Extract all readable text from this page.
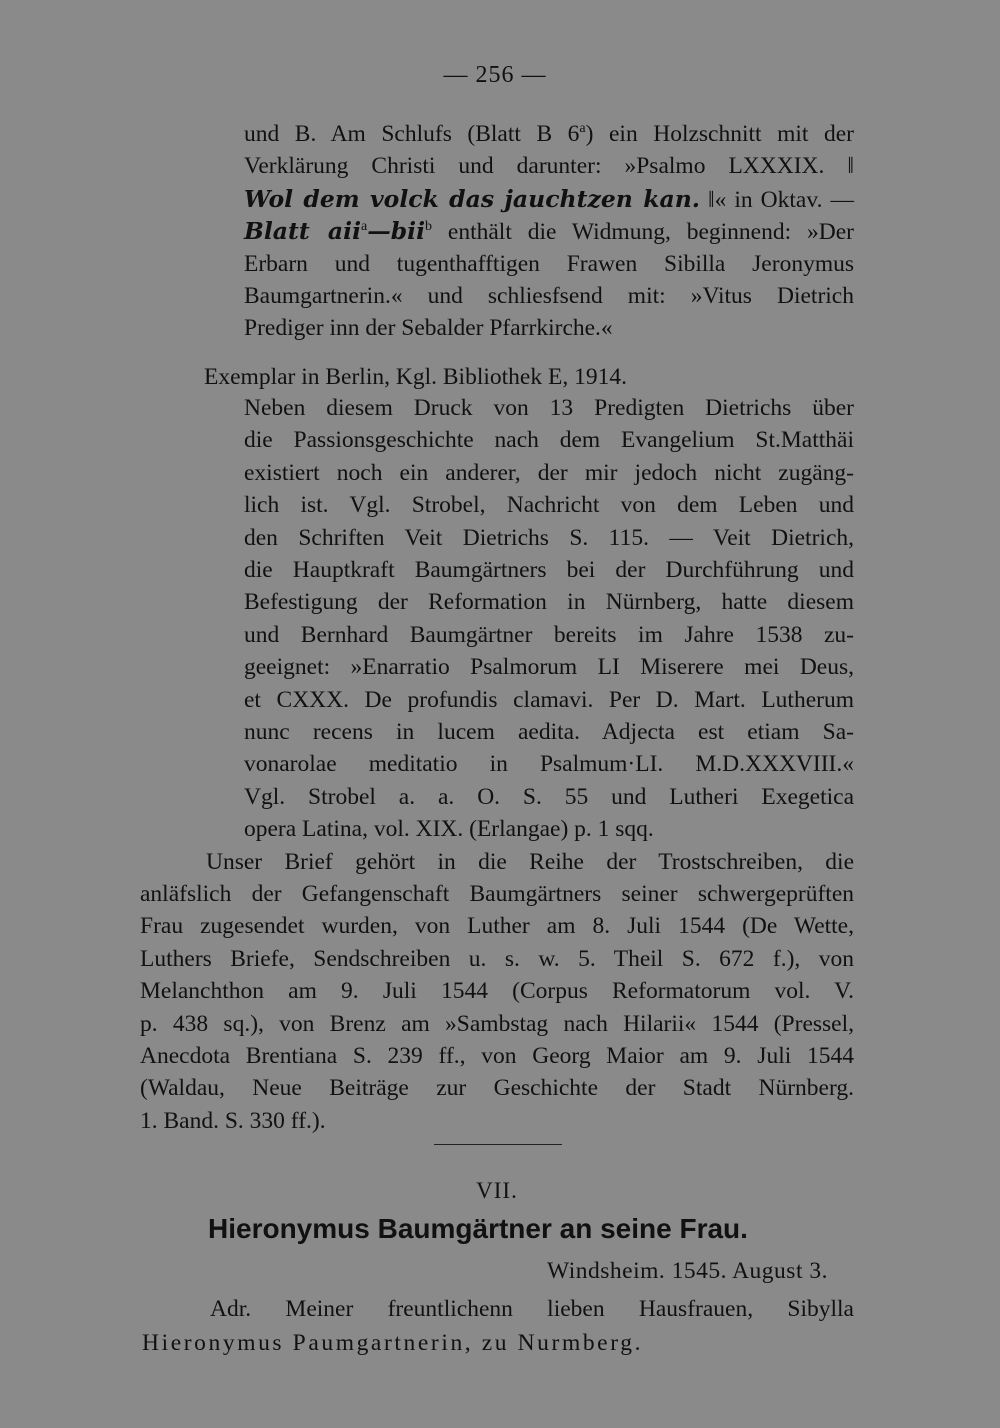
— 256 —
und B. Am Schlufs (Blatt B 6$^a$) ein Holzschnitt mit der
Verklärung Christi und darunter: »Psalmo LXXXIX. ‖
Wol dem volck das jauchtzen kan. ‖« in Oktav. —
Blatt aii$^a$—bii$^b$ enthält die Widmung, beginnend: »Der
Erbarn und tugenthafftigen Frawen Sibilla Jeronymus
Baumgartnerin.« und schliesfsend mit: »Vitus Dietrich
Prediger inn der Sebalder Pfarrkirche.«
Exemplar in Berlin, Kgl. Bibliothek E, 1914.
Neben diesem Druck von 13 Predigten Dietrichs über
die Passionsgeschichte nach dem Evangelium St.Matthäi
existiert noch ein anderer, der mir jedoch nicht zugäng-
lich ist. Vgl. Strobel, Nachricht von dem Leben und
den Schriften Veit Dietrichs S. 115. — Veit Dietrich,
die Hauptkraft Baumgärtners bei der Durchführung und
Befestigung der Reformation in Nürnberg, hatte diesem
und Bernhard Baumgärtner bereits im Jahre 1538 zu-
geeignet: »Enarratio Psalmorum LI Miserere mei Deus,
et CXXX. De profundis clamavi. Per D. Mart. Lutherum
nunc recens in lucem aedita. Adjecta est etiam Sa-
vonarolae meditatio in Psalmum·LI. M.D.XXXVIII.«
Vgl. Strobel a. a. O. S. 55 und Lutheri Exegetica
opera Latina, vol. XIX. (Erlangae) p. 1 sqq.
Unser Brief gehört in die Reihe der Trostschreiben, die
anläfslich der Gefangenschaft Baumgärtners seiner schwergeprüften
Frau zugesendet wurden, von Luther am 8. Juli 1544 (De Wette,
Luthers Briefe, Sendschreiben u. s. w. 5. Theil S. 672 f.), von
Melanchthon am 9. Juli 1544 (Corpus Reformatorum vol. V.
p. 438 sq.), von Brenz am »Sambstag nach Hilarii« 1544 (Pressel,
Anecdota Brentiana S. 239 ff., von Georg Maior am 9. Juli 1544
(Waldau, Neue Beiträge zur Geschichte der Stadt Nürnberg.
1. Band. S. 330 ff.).
VII.
Hieronymus Baumgärtner an seine Frau.
Windsheim. 1545. August 3.
Adr. Meiner freuntlichenn lieben Hausfrauen, Sibylla
Hieronymus Paumgartnerin, zu Nurmberg.
